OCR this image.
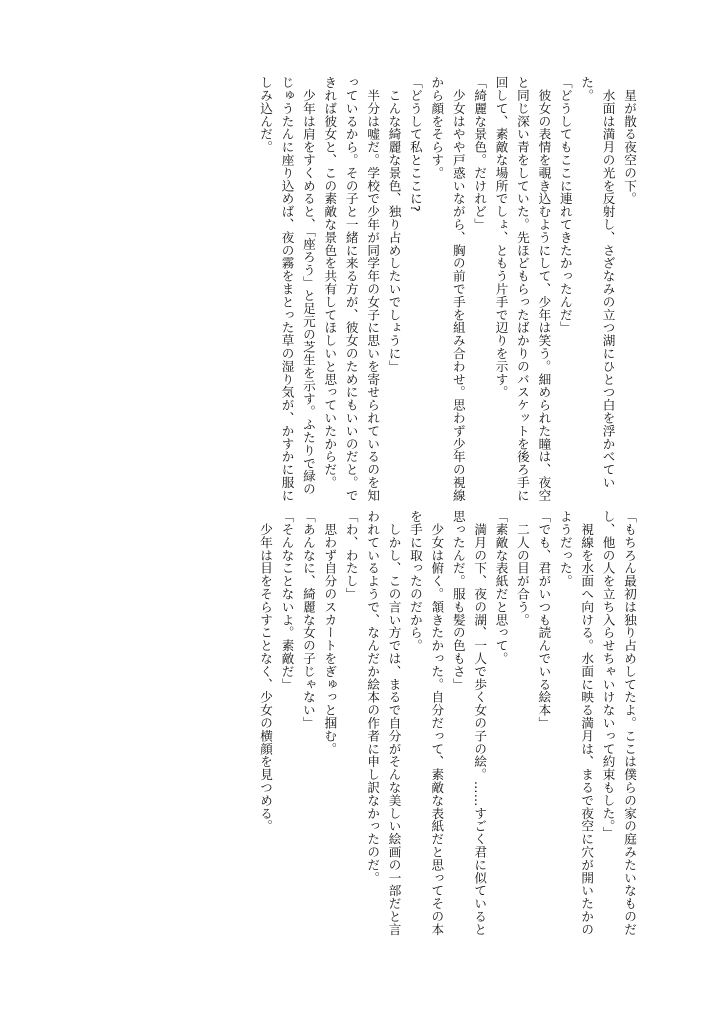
　星が散る夜空の下。

　水面は満月の光を反射し、さざなみの立つ湖にひとつ白を浮かべていた。

「どうしてもここに連れてきたかったんだ」

　彼女の表情を覗き込むようにして、少年は笑う。細められた瞳は、夜空と同じ深い青をしていた。先ほどもらったばかりのバスケットを後ろ手に回して、素敵な場所でしょ、ともう片手で辺りを示す。

「綺麗な景色。だけれど」

　少女はやや戸惑いながら、胸の前で手を組み合わせ。思わず少年の視線から顔をそらす。

「どうして私とここに?

　こんな綺麗な景色、独り占めしたいでしょうに」

　半分は嘘だ。学校で少年が同学年の女子に思いを寄せられているのを知っているから。その子と一緒に来る方が、彼女のためにもいいのだと。できれば彼女と、この素敵な景色を共有してほしいと思っていたからだ。

　少年は肩をすくめると、「座ろう」と足元の芝生を示す。ふたりで緑のじゅうたんに座り込めば、夜の霧をまとった草の湿り気が、かすかに服にしみ込んだ。

「もちろん最初は独り占めしてたよ。ここは僕らの家の庭みたいなものだし、他の人を立ち入らせちゃいけないって約束もした。」

　視線を水面へ向ける。水面に映る満月は、まるで夜空に穴が開いたかのようだった。

「でも、君がいつも読んでいる絵本」

　二人の目が合う。

「素敵な表紙だと思って。

　満月の下、夜の湖、一人で歩く女の子の絵。……すごく君に似ていると思ったんだ。服も髪の色もさ」

　少女は俯く。頷きたかった。自分だって、素敵な表紙だと思ってその本を手に取ったのだから。

　しかし、この言い方では、まるで自分がそんな美しい絵画の一部だと言われているようで、なんだか絵本の作者に申し訳なかったのだ。

「わ、わたし」

　思わず自分のスカートをぎゅっと掴む。

「あんなに、綺麗な女の子じゃない」

「そんなことないよ。素敵だ」

　少年は目をそらすことなく、少女の横顔を見つめる。
